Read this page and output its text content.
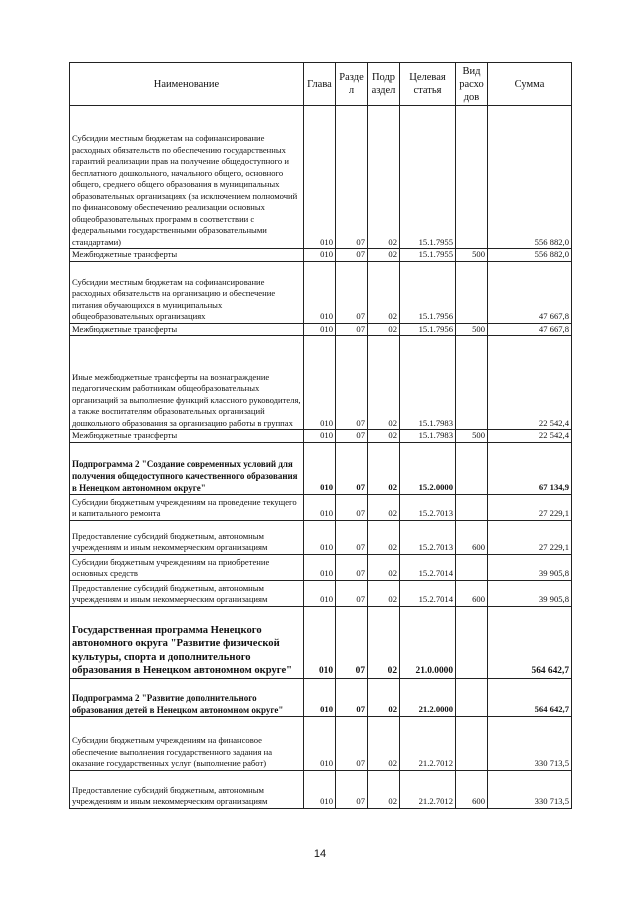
Наименование	Глава	Разде л	Подр аздел	Целевая статья	Вид расхо дов	Сумма
Субсидии местным бюджетам на софинансирование расходных обязательств по обеспечению государственных гарантий реализации прав на получение общедоступного и бесплатного дошкольного, начального общего, основного общего, среднего общего образования в муниципальных образовательных организациях (за исключением полномочий по финансовому обеспечению реализации основных общеобразовательных программ в соответствии с федеральными государственными образовательными стандартами)	010	07	02	15.1.7955		556 882,0
Межбюджетные трансферты	010	07	02	15.1.7955	500	556 882,0
Субсидии местным бюджетам на софинансирование расходных обязательств на организацию и обеспечение питания обучающихся в муниципальных общеобразовательных организациях	010	07	02	15.1.7956		47 667,8
Межбюджетные трансферты	010	07	02	15.1.7956	500	47 667,8
Иные межбюджетные трансферты на вознаграждение педагогическим работникам общеобразовательных организаций за выполнение функций классного руководителя, а также воспитателям образовательных организаций дошкольного образования за организацию работы в группах	010	07	02	15.1.7983		22 542,4
Межбюджетные трансферты	010	07	02	15.1.7983	500	22 542,4
Подпрограмма 2 "Создание современных условий для получения общедоступного качественного образования в Ненецком автономном округе"	010	07	02	15.2.0000		67 134,9
Субсидии бюджетным учреждениям на проведение текущего и капитального ремонта	010	07	02	15.2.7013		27 229,1
Предоставление субсидий бюджетным, автономным учреждениям и иным некоммерческим организациям	010	07	02	15.2.7013	600	27 229,1
Субсидии бюджетным учреждениям на приобретение основных средств	010	07	02	15.2.7014		39 905,8
Предоставление субсидий бюджетным, автономным учреждениям и иным некоммерческим организациям	010	07	02	15.2.7014	600	39 905,8
Государственная программа Ненецкого автономного округа "Развитие физической культуры, спорта и дополнительного образования в Ненецком автономном округе"	010	07	02	21.0.0000		564 642,7
Подпрограмма 2 "Развитие дополнительного образования детей в Ненецком автономном округе"	010	07	02	21.2.0000		564 642,7
Субсидии бюджетным учреждениям на финансовое обеспечение выполнения государственного задания на оказание государственных услуг (выполнение работ)	010	07	02	21.2.7012		330 713,5
Предоставление субсидий бюджетным, автономным учреждениям и иным некоммерческим организациям	010	07	02	21.2.7012	600	330 713,5
14
